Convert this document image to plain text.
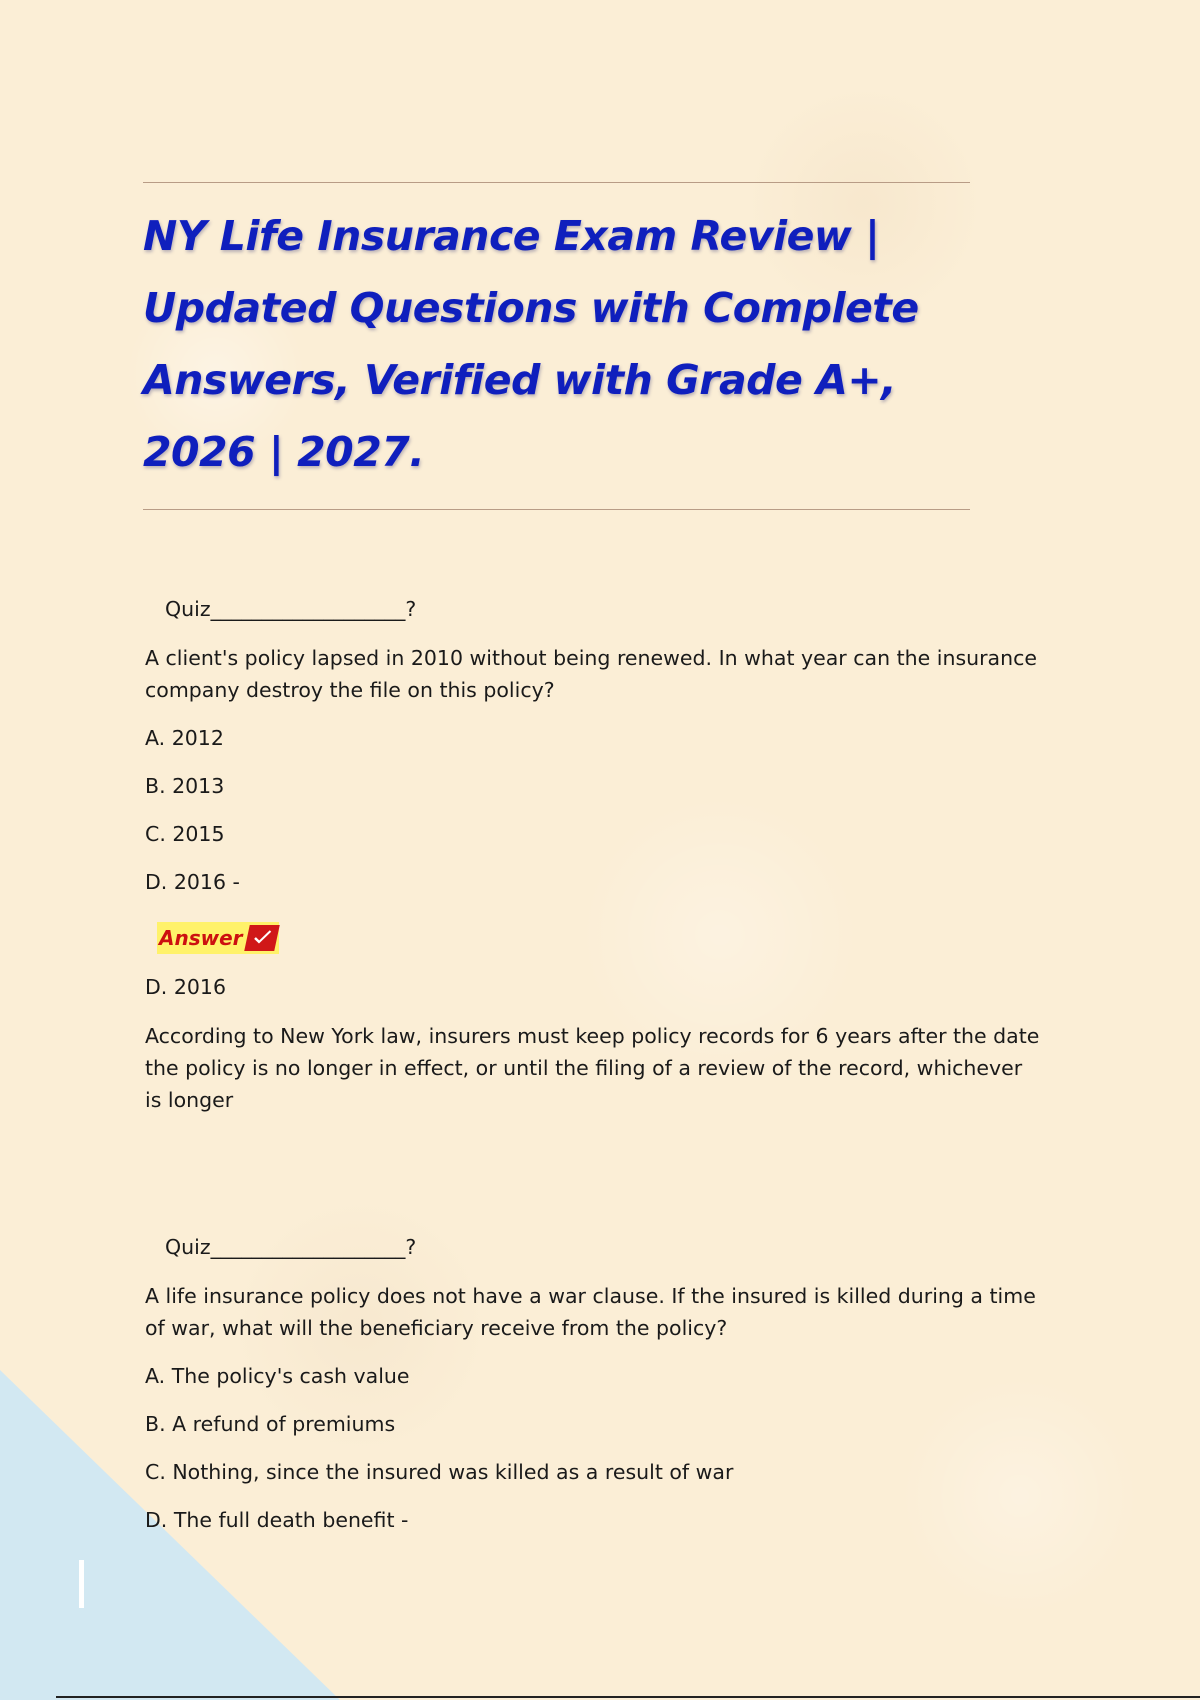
NY Life Insurance Exam Review | Updated Questions with Complete Answers, Verified with Grade A+, 2026 | 2027.
Quiz___________________?

A client's policy lapsed in 2010 without being renewed. In what year can the insurance company destroy the file on this policy?

A. 2012
B. 2013
C. 2015
D. 2016 -
Answer
D. 2016

According to New York law, insurers must keep policy records for 6 years after the date the policy is no longer in effect, or until the filing of a review of the record, whichever is longer

Quiz___________________?

A life insurance policy does not have a war clause. If the insured is killed during a time of war, what will the beneficiary receive from the policy?

A. The policy's cash value
B. A refund of premiums
C. Nothing, since the insured was killed as a result of war
D. The full death benefit -
